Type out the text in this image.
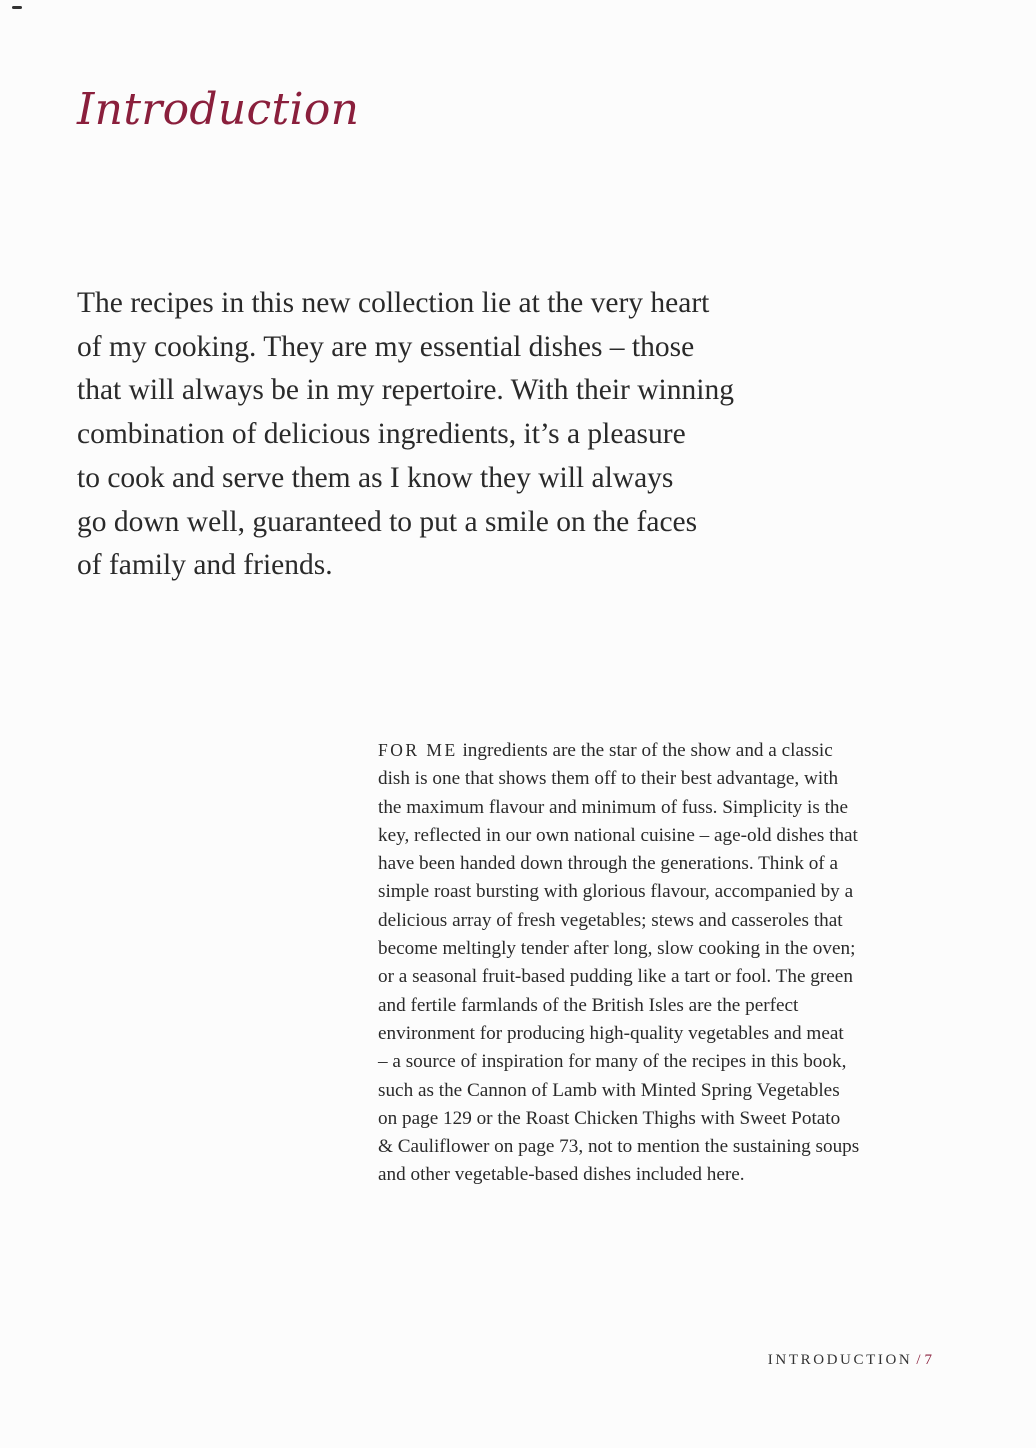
Introduction

The recipes in this new collection lie at the very heart
of my cooking. They are my essential dishes – those
that will always be in my repertoire. With their winning
combination of delicious ingredients, it’s a pleasure
to cook and serve them as I know they will always
go down well, guaranteed to put a smile on the faces
of family and friends.

FOR ME ingredients are the star of the show and a classic
dish is one that shows them off to their best advantage, with
the maximum flavour and minimum of fuss. Simplicity is the
key, reflected in our own national cuisine – age-old dishes that
have been handed down through the generations. Think of a
simple roast bursting with glorious flavour, accompanied by a
delicious array of fresh vegetables; stews and casseroles that
become meltingly tender after long, slow cooking in the oven;
or a seasonal fruit-based pudding like a tart or fool. The green
and fertile farmlands of the British Isles are the perfect
environment for producing high-quality vegetables and meat
– a source of inspiration for many of the recipes in this book,
such as the Cannon of Lamb with Minted Spring Vegetables
on page 129 or the Roast Chicken Thighs with Sweet Potato
& Cauliflower on page 73, not to mention the sustaining soups
and other vegetable-based dishes included here.

INTRODUCTION / 7
